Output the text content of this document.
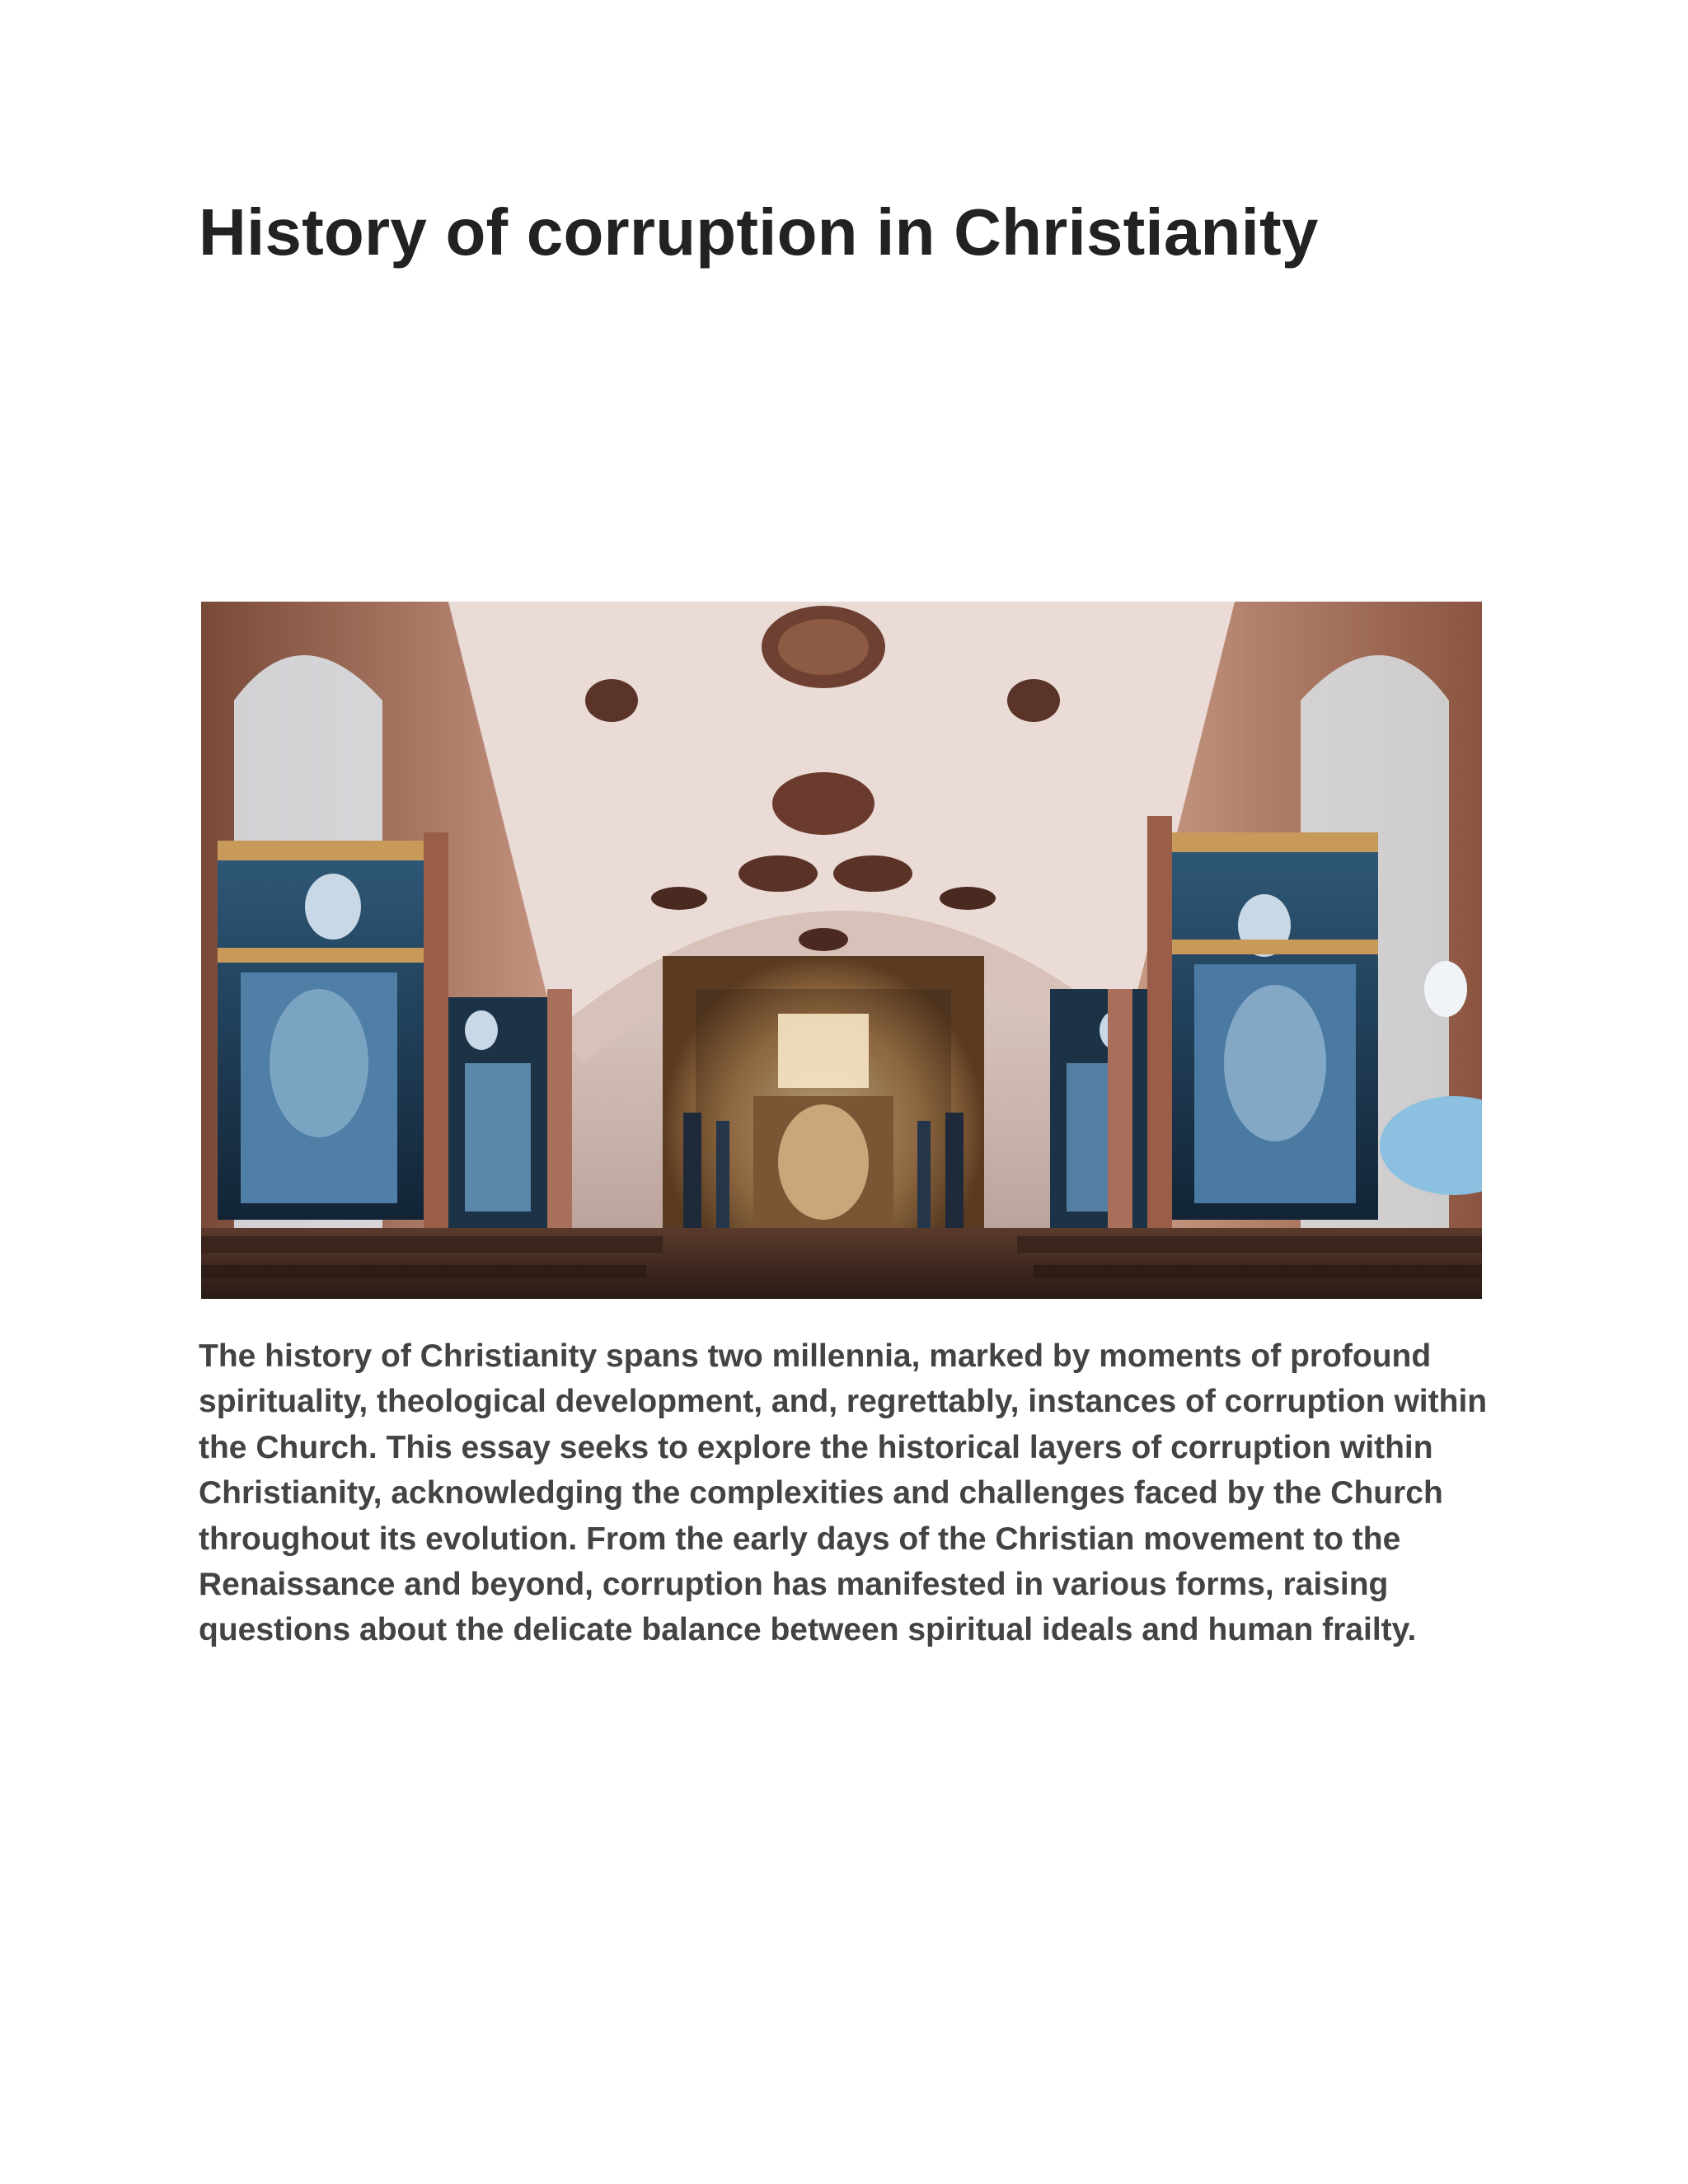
History of corruption in Christianity

The history of Christianity spans two millennia, marked by moments of profound spirituality, theological development, and, regrettably, instances of corruption within the Church. This essay seeks to explore the historical layers of corruption within Christianity, acknowledging the complexities and challenges faced by the Church throughout its evolution. From the early days of the Christian movement to the Renaissance and beyond, corruption has manifested in various forms, raising questions about the delicate balance between spiritual ideals and human frailty.
